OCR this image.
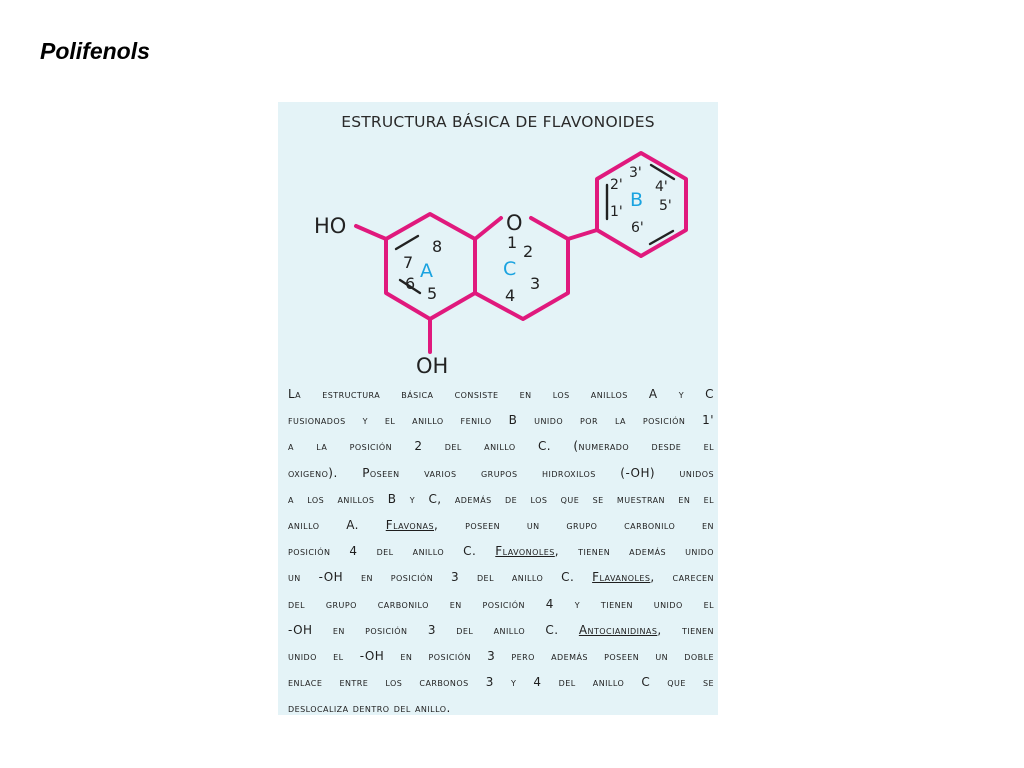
Polifenols
ESTRUCTURA BÁSICA DE FLAVONOIDES
HO
OH
O
A	C
B
8
7
6
5
1 2
3
4
2'
3'
4'
5'
1'
6'
La estructura básica consiste en los anillos A y C
fusionados y el anillo fenilo B unido por la posición 1'
a la posición 2 del anillo C. (numerado desde el
oxigeno). Poseen varios grupos hidroxilos (-OH) unidos
a los anillos B y C, además de los que se muestran en el
anillo A. Flavonas, poseen un grupo carbonilo en
posición 4 del anillo C. Flavonoles, tienen además unido
un -OH en posición 3 del anillo C. Flavanoles, carecen
del grupo carbonilo en posición 4 y tienen unido el
-OH en posición 3 del anillo C. Antocianidinas, tienen
unido el -OH en posición 3 pero además poseen un doble
enlace entre los carbonos 3 y 4 del anillo C que se
deslocaliza dentro del anillo.
